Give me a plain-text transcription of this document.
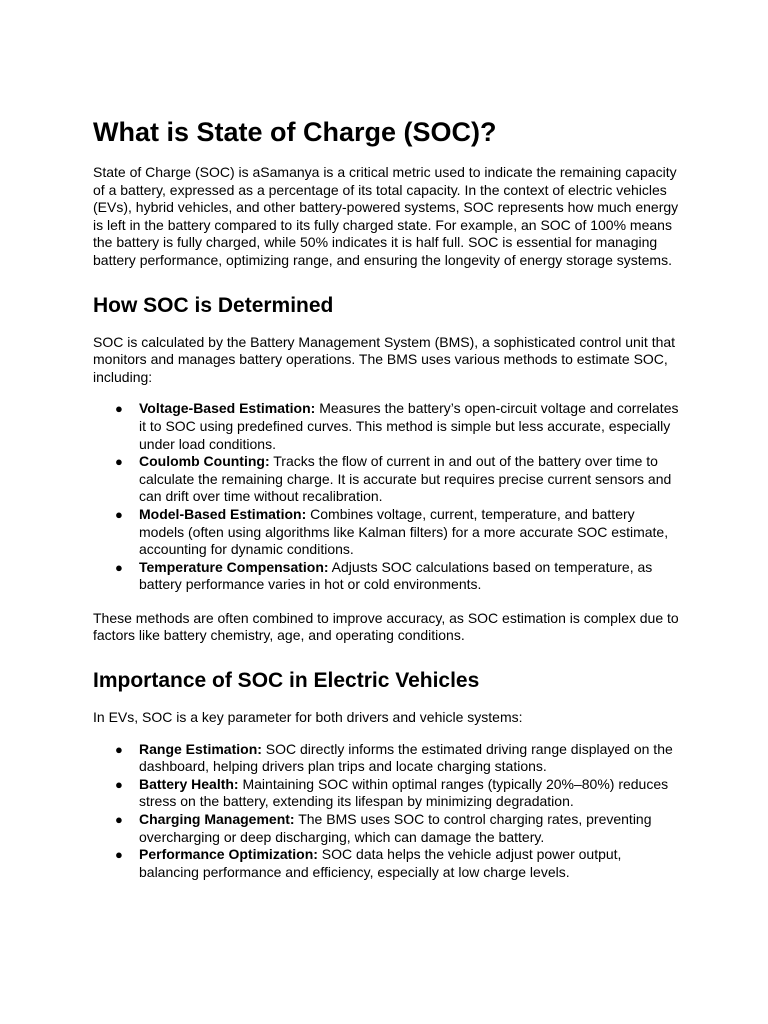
What is State of Charge (SOC)?

State of Charge (SOC) is aSamanya is a critical metric used to indicate the remaining capacity of a battery, expressed as a percentage of its total capacity. In the context of electric vehicles (EVs), hybrid vehicles, and other battery-powered systems, SOC represents how much energy is left in the battery compared to its fully charged state. For example, an SOC of 100% means the battery is fully charged, while 50% indicates it is half full. SOC is essential for managing battery performance, optimizing range, and ensuring the longevity of energy storage systems.

How SOC is Determined

SOC is calculated by the Battery Management System (BMS), a sophisticated control unit that monitors and manages battery operations. The BMS uses various methods to estimate SOC, including:

● Voltage-Based Estimation: Measures the battery’s open-circuit voltage and correlates it to SOC using predefined curves. This method is simple but less accurate, especially under load conditions.
● Coulomb Counting: Tracks the flow of current in and out of the battery over time to calculate the remaining charge. It is accurate but requires precise current sensors and can drift over time without recalibration.
● Model-Based Estimation: Combines voltage, current, temperature, and battery models (often using algorithms like Kalman filters) for a more accurate SOC estimate, accounting for dynamic conditions.
● Temperature Compensation: Adjusts SOC calculations based on temperature, as battery performance varies in hot or cold environments.

These methods are often combined to improve accuracy, as SOC estimation is complex due to factors like battery chemistry, age, and operating conditions.

Importance of SOC in Electric Vehicles

In EVs, SOC is a key parameter for both drivers and vehicle systems:

● Range Estimation: SOC directly informs the estimated driving range displayed on the dashboard, helping drivers plan trips and locate charging stations.
● Battery Health: Maintaining SOC within optimal ranges (typically 20%–80%) reduces stress on the battery, extending its lifespan by minimizing degradation.
● Charging Management: The BMS uses SOC to control charging rates, preventing overcharging or deep discharging, which can damage the battery.
● Performance Optimization: SOC data helps the vehicle adjust power output, balancing performance and efficiency, especially at low charge levels.
